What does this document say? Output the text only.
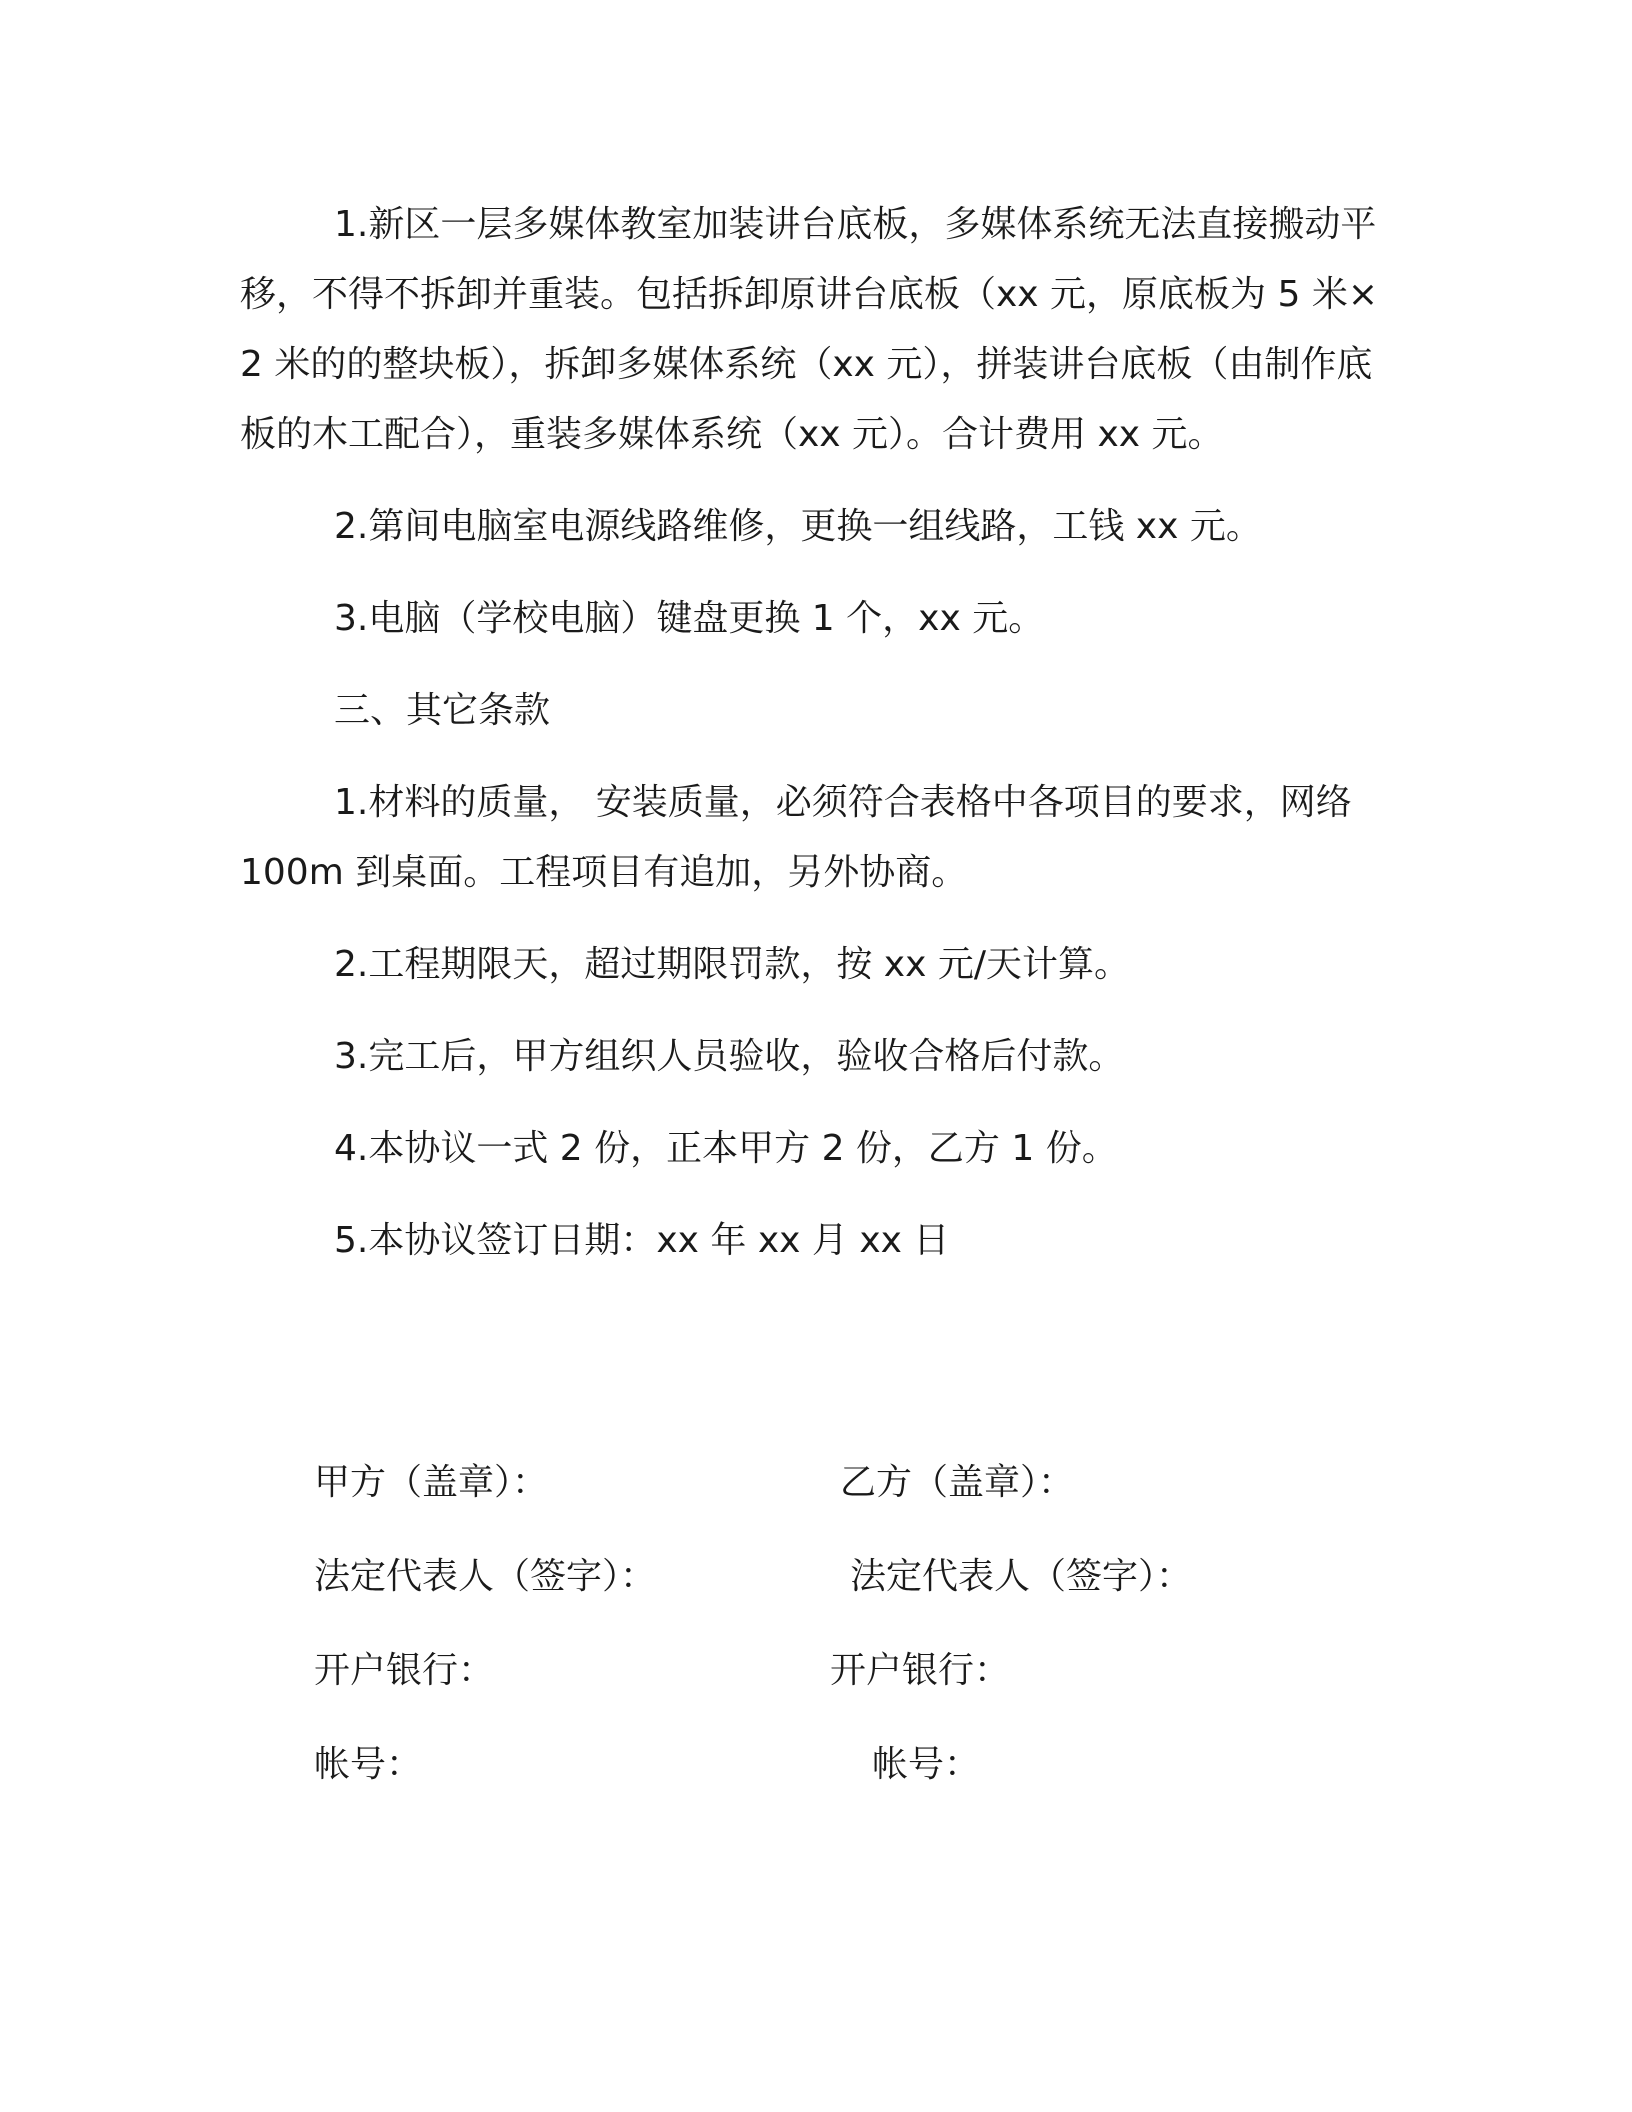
1.新区一层多媒体教室加装讲台底板，多媒体系统无法直接搬动平移，不得不拆卸并重装。包括拆卸原讲台底板（xx 元，原底板为 5 米×2 米的的整块板），拆卸多媒体系统（xx 元），拼装讲台底板（由制作底板的木工配合），重装多媒体系统（xx 元）。合计费用 xx 元。

2.第间电脑室电源线路维修，更换一组线路，工钱 xx 元。

3.电脑（学校电脑）键盘更换 1 个，xx 元。

三、其它条款

1.材料的质量， 安装质量，必须符合表格中各项目的要求，网络 100m 到桌面。工程项目有追加，另外协商。

2.工程期限天，超过期限罚款，按 xx 元/天计算。

3.完工后，甲方组织人员验收，验收合格后付款。

4.本协议一式 2 份，正本甲方 2 份，乙方 1 份。

5.本协议签订日期：xx 年 xx 月 xx 日

甲方（盖章）：	乙方（盖章）：
法定代表人（签字）：	法定代表人（签字）：
开户银行：	开户银行：
帐号：	帐号：
